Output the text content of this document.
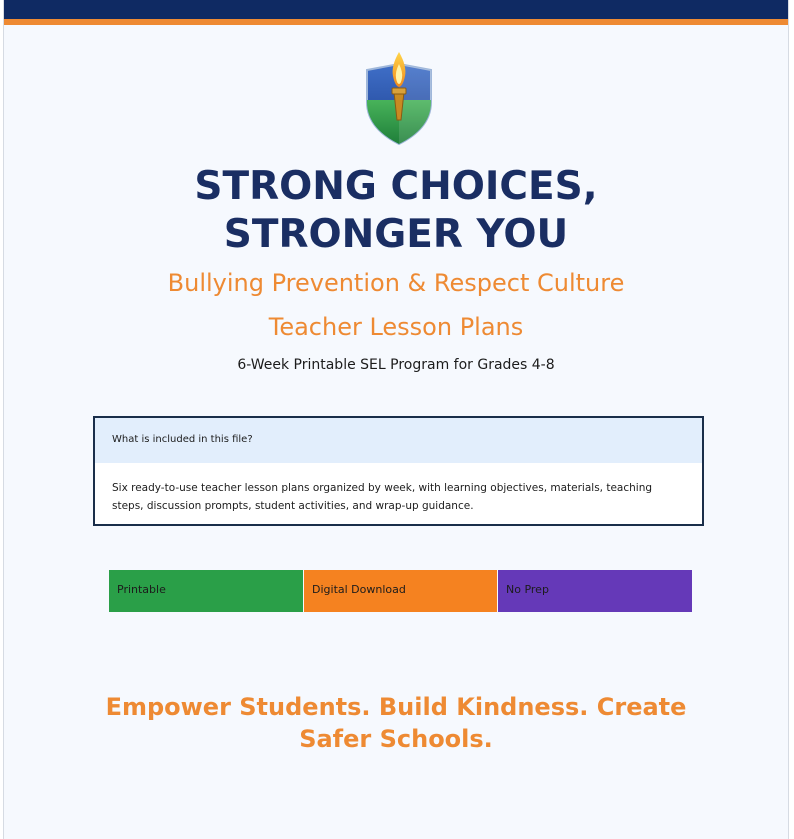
STRONG CHOICES,
STRONGER YOU

Bullying Prevention & Respect Culture

Teacher Lesson Plans

6-Week Printable SEL Program for Grades 4-8

What is included in this file?
Six ready-to-use teacher lesson plans organized by week, with learning objectives, materials, teaching steps, discussion prompts, student activities, and wrap-up guidance.
Printable	Digital Download	No Prep

Empower Students. Build Kindness. Create
Safer Schools.
